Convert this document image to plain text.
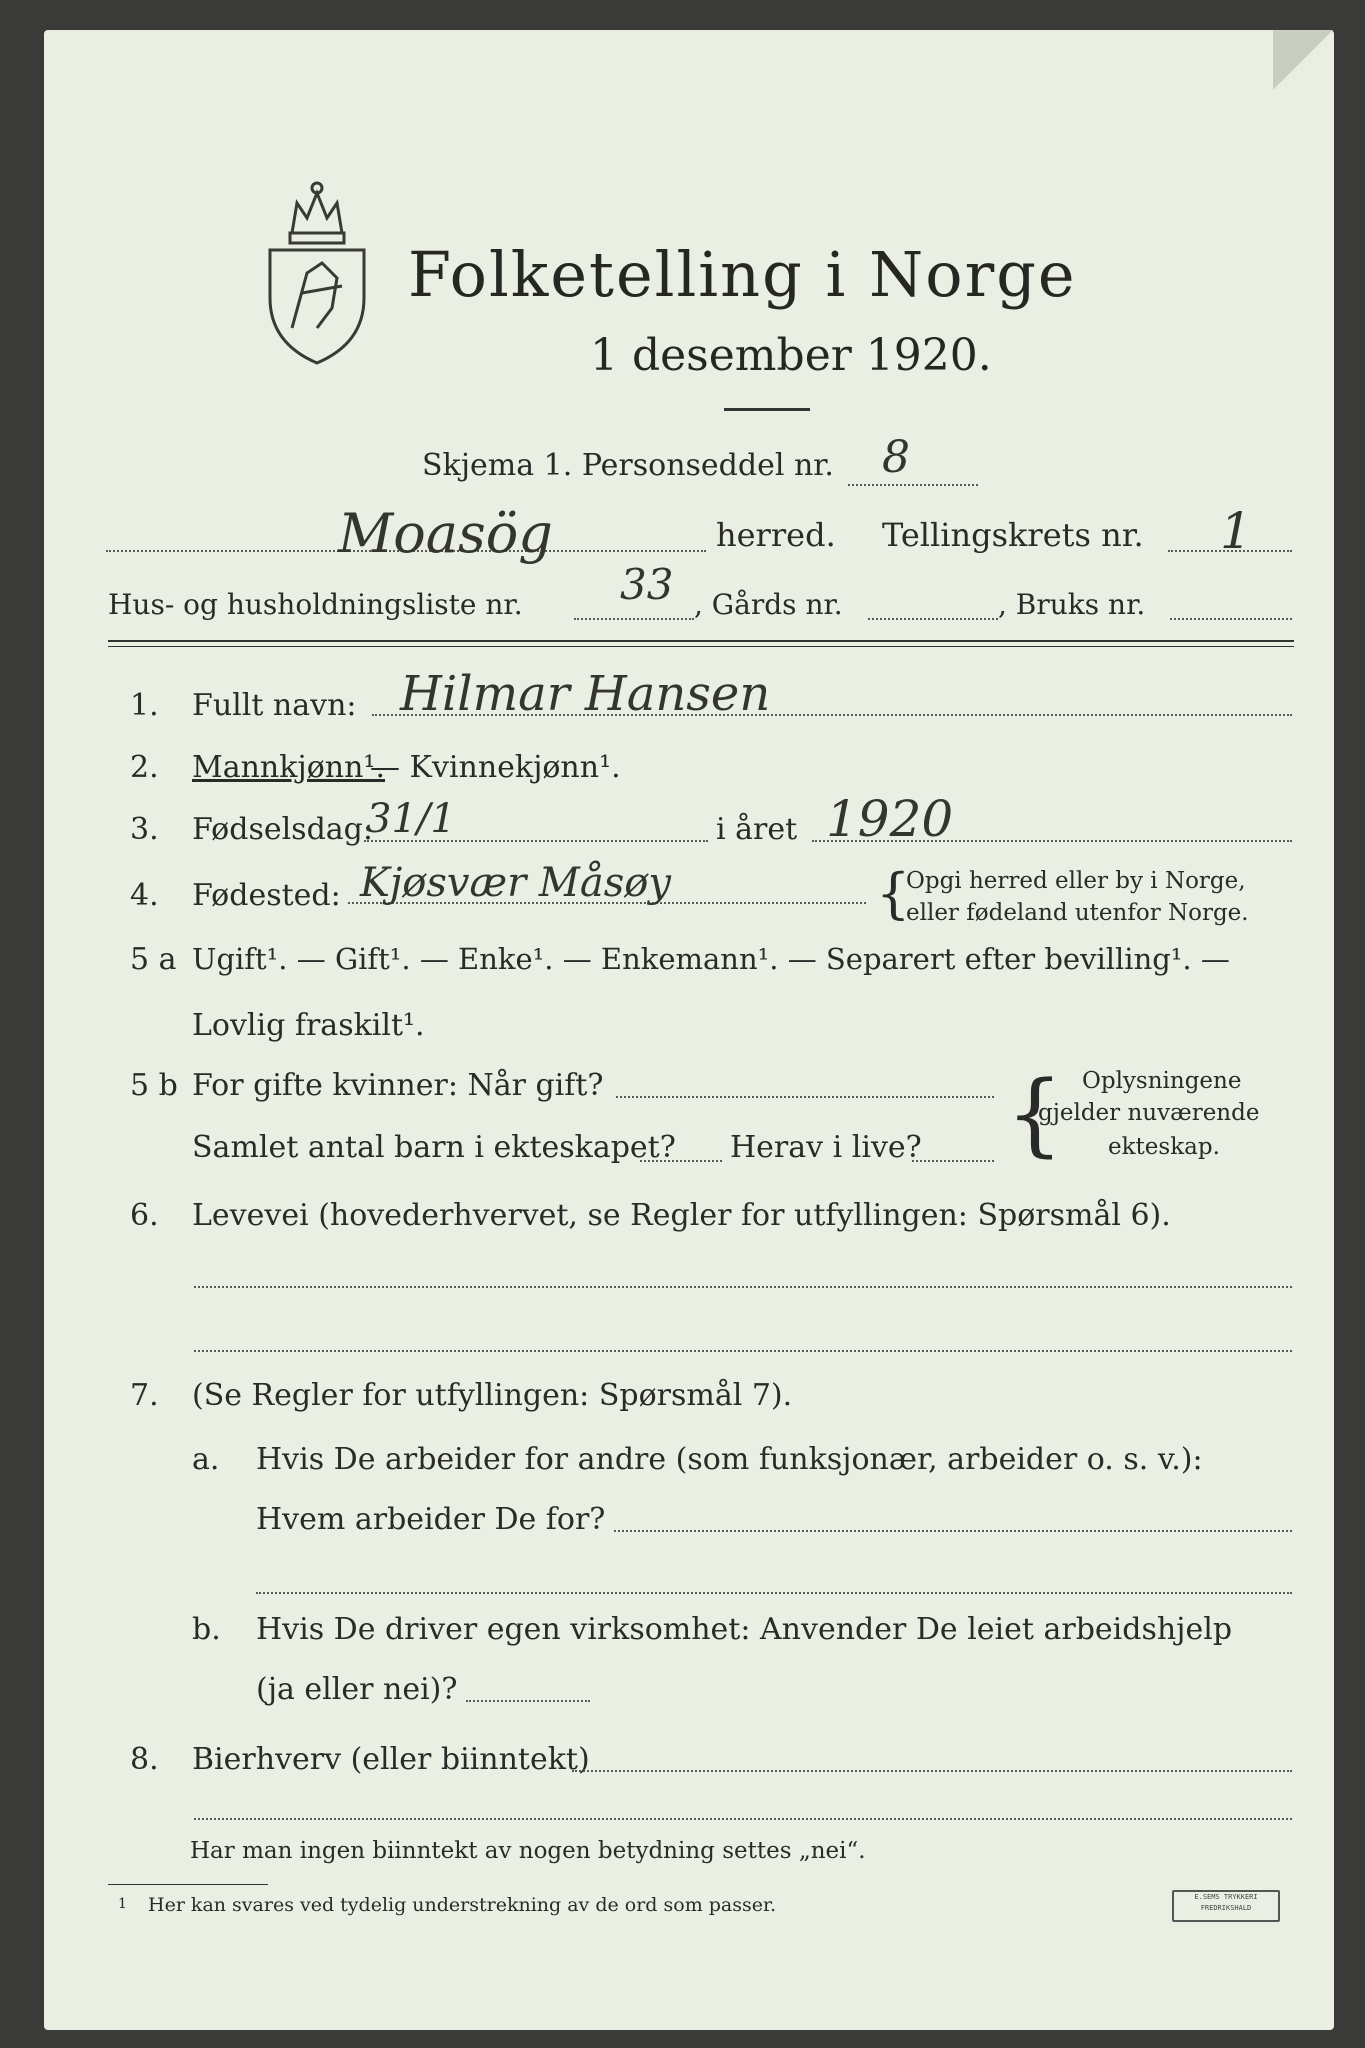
Folketelling i Norge
1 desember 1920.
Skjema 1. Personseddel nr. 8
Moasög	herred. Tellingskrets nr. 1
Hus- og husholdningsliste nr. 33 , Gårds nr.	, Bruks nr.
1. Fullt navn: Hilmar Hansen
2. Mannkjønn¹.
— Kvinnekjønn¹.
3. Fødselsdag:
31/1	i året 1920
4. Fødested: Kjøsvær Måsøy	{
Opgi herred eller by i Norge,
eller fødeland utenfor Norge.
5 a Ugift¹. — Gift¹. — Enke¹. — Enkemann¹. — Separert efter bevilling¹. —
Lovlig fraskilt¹.
5 b For gifte kvinner: Når gift?
Samlet antal barn i ekteskapet? Herav i live? { Oplysningene
gjelder nuværende
ekteskap.
6. Levevei (hovederhvervet, se Regler for utfyllingen: Spørsmål 6).
7. (Se Regler for utfyllingen: Spørsmål 7).
a. Hvis De arbeider for andre (som funksjonær, arbeider o. s. v.):
Hvem arbeider De for?
b. Hvis De driver egen virksomhet: Anvender De leiet arbeidshjelp
(ja eller nei)?
8. Bierhverv (eller biinntekt)
Har man ingen biinntekt av nogen betydning settes „nei“.
1 Her kan svares ved tydelig understrekning av de ord som passer.	E.SEMS TRYKKERI
FREDRIKSHALD
